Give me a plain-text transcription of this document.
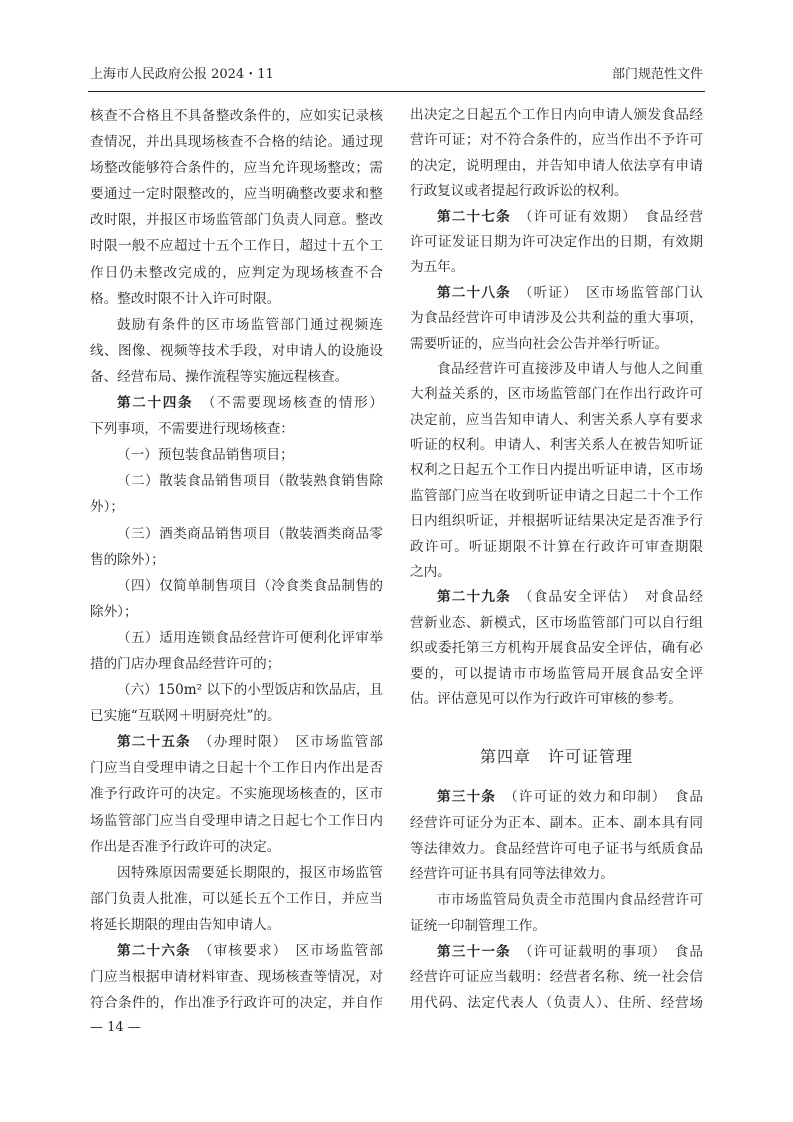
上海市人民政府公报 2024・11	部门规范性文件
核查不合格且不具备整改条件的，应如实记录核
查情况，并出具现场核查不合格的结论。通过现
场整改能够符合条件的，应当允许现场整改；需
要通过一定时限整改的，应当明确整改要求和整
改时限，并报区市场监管部门负责人同意。整改
时限一般不应超过十五个工作日，超过十五个工
作日仍未整改完成的，应判定为现场核查不合
格。整改时限不计入许可时限。
鼓励有条件的区市场监管部门通过视频连
线、图像、视频等技术手段，对申请人的设施设
备、经营布局、操作流程等实施远程核查。
第二十四条　（不需要现场核查的情形）
下列事项，不需要进行现场核查：
（一）预包装食品销售项目；
（二）散装食品销售项目（散装熟食销售除
外）；
（三）酒类商品销售项目（散装酒类商品零
售的除外）；
（四）仅简单制售项目（冷食类食品制售的
除外）；
（五）适用连锁食品经营许可便利化评审举
措的门店办理食品经营许可的；
（六）150m² 以下的小型饭店和饮品店，且
已实施“互联网＋明厨亮灶”的。
第二十五条　（办理时限）　区市场监管部
门应当自受理申请之日起十个工作日内作出是否
准予行政许可的决定。不实施现场核查的，区市
场监管部门应当自受理申请之日起七个工作日内
作出是否准予行政许可的决定。
因特殊原因需要延长期限的，报区市场监管
部门负责人批准，可以延长五个工作日，并应当
将延长期限的理由告知申请人。
第二十六条　（审核要求）　区市场监管部
门应当根据申请材料审查、现场核查等情况，对
符合条件的，作出准予行政许可的决定，并自作
出决定之日起五个工作日内向申请人颁发食品经
营许可证；对不符合条件的，应当作出不予许可
的决定，说明理由，并告知申请人依法享有申请
行政复议或者提起行政诉讼的权利。
第二十七条　（许可证有效期）　食品经营
许可证发证日期为许可决定作出的日期，有效期
为五年。
第二十八条　（听证）　区市场监管部门认
为食品经营许可申请涉及公共利益的重大事项，
需要听证的，应当向社会公告并举行听证。
食品经营许可直接涉及申请人与他人之间重
大利益关系的，区市场监管部门在作出行政许可
决定前，应当告知申请人、利害关系人享有要求
听证的权利。申请人、利害关系人在被告知听证
权利之日起五个工作日内提出听证申请，区市场
监管部门应当在收到听证申请之日起二十个工作
日内组织听证，并根据听证结果决定是否准予行
政许可。听证期限不计算在行政许可审查期限
之内。
第二十九条　（食品安全评估）　对食品经
营新业态、新模式，区市场监管部门可以自行组
织或委托第三方机构开展食品安全评估，确有必
要的，可以提请市市场监管局开展食品安全评
估。评估意见可以作为行政许可审核的参考。
第四章　许可证管理
第三十条　（许可证的效力和印制）　食品
经营许可证分为正本、副本。正本、副本具有同
等法律效力。食品经营许可电子证书与纸质食品
经营许可证书具有同等法律效力。
市市场监管局负责全市范围内食品经营许可
证统一印制管理工作。
第三十一条　（许可证载明的事项）　食品
经营许可证应当载明：经营者名称、统一社会信
用代码、法定代表人（负责人）、住所、经营场
— 14 —
